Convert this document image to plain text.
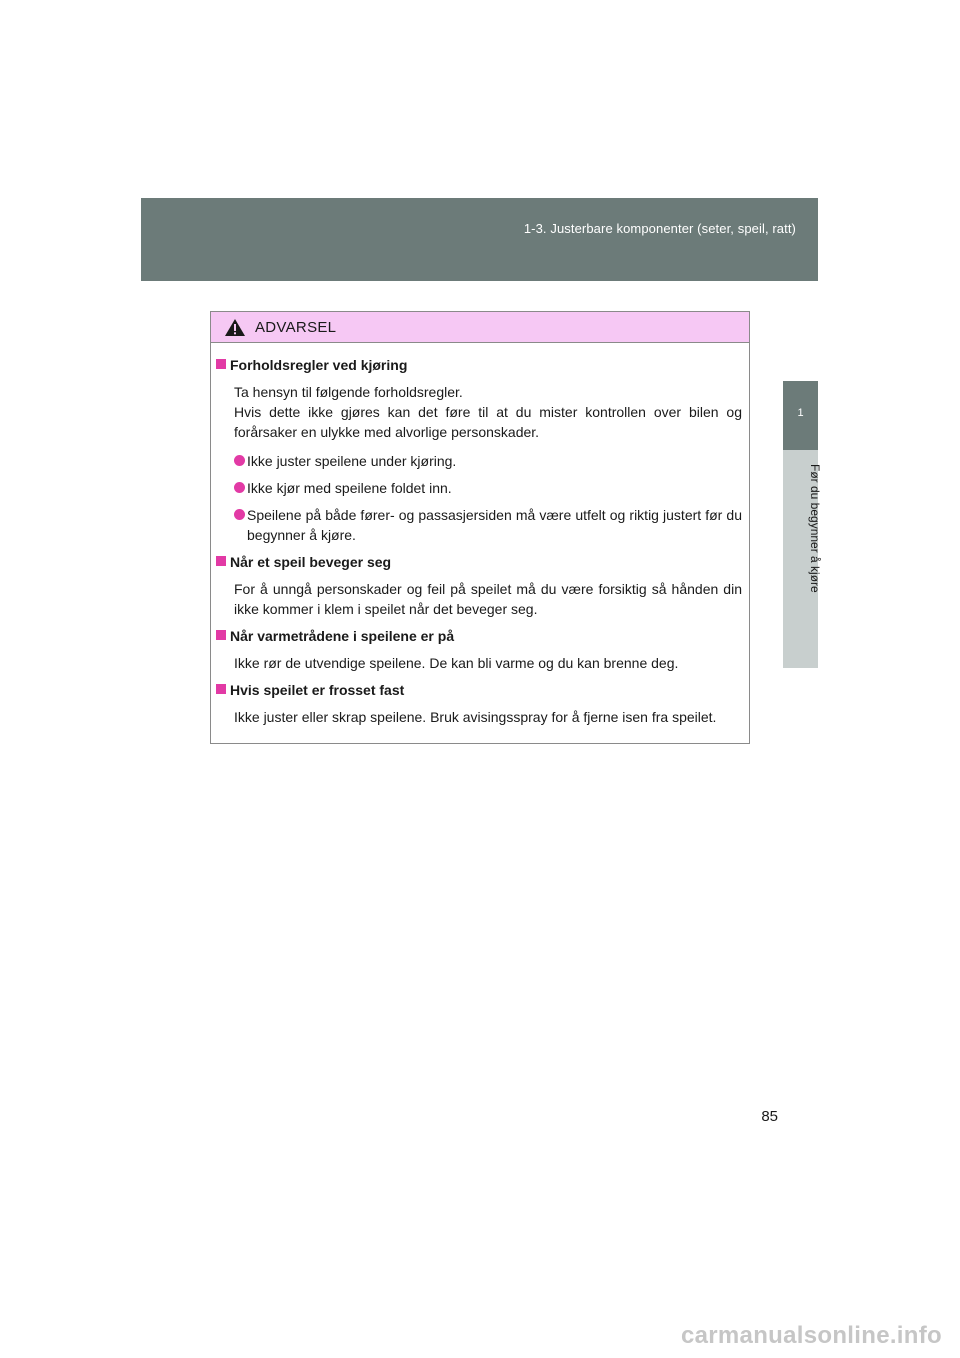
1-3. Justerbare komponenter (seter, speil, ratt)
1
Før du begynner å kjøre
ADVARSEL
Forholdsregler ved kjøring
Ta hensyn til følgende forholdsregler.
Hvis dette ikke gjøres kan det føre til at du mister kontrollen over bilen og forårsaker en ulykke med alvorlige personskader.
Ikke juster speilene under kjøring.
Ikke kjør med speilene foldet inn.
Speilene på både fører- og passasjersiden må være utfelt og riktig justert før du begynner å kjøre.
Når et speil beveger seg
For å unngå personskader og feil på speilet må du være forsiktig så hånden din ikke kommer i klem i speilet når det beveger seg.
Når varmetrådene i speilene er på
Ikke rør de utvendige speilene. De kan bli varme og du kan brenne deg.
Hvis speilet er frosset fast
Ikke juster eller skrap speilene. Bruk avisingsspray for å fjerne isen fra speilet.
85
carmanualsonline.info
